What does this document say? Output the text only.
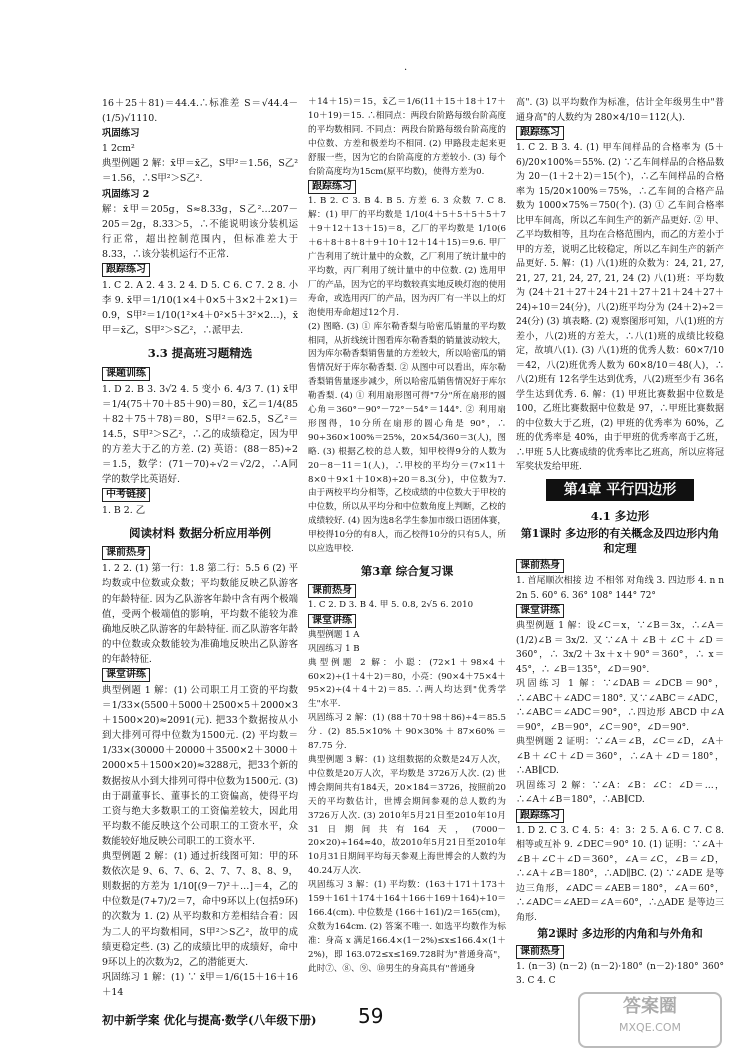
.

16＋25＋81)＝44.4.∴标准差 S＝√44.4－(1/5)√1110.

巩固练习

1 2cm²

典型例题 2 解：x̄甲＝x̄乙，S甲²＝1.56，S乙²＝1.56，∴S甲²＞S乙².

巩固练习 2

解：x̄甲＝205g，S≈8.33g，S乙²…207－205＝2g，8.33＞5，∴不能说明该分装机运行正常，超出控制范围内，但标准差大于8.33，∴该分装机运行不正常.

跟踪练习

1. C 2. A 2. 4 3. 2 4. D 5. C 6. C 7. 2 8. 小李 9. x̄甲＝1/10(1×4＋0×5＋3×2＋2×1)＝0.9，S甲²＝1/10(1²×4＋0²×5＋3²×2…)，x̄甲＝x̄乙，S甲²＞S乙²，∴派甲去.

3.3 提高班习题精选
课题训练

1. D 2. B 3. 3√2 4. 5 变小 6. 4/3 7. (1) x̄甲＝1/4(75＋70＋85＋90)＝80，x̄乙＝1/4(85＋82＋75＋78)＝80，S甲²＝62.5，S乙²＝14.5，S甲²＞S乙²，∴乙的成绩稳定，因为甲的方差大于乙的方差. (2) 英语：(88－85)÷2＝1.5，数学：(71－70)÷√2＝√2/2，∴A同学的数学比英语好.

中考链接

1. B 2. 乙

阅读材料 数据分析应用举例
课前热身

1. 2 2. (1) 第一行：1.8 第二行：5.5 6 (2) 平均数或中位数或众数；平均数能反映乙队游客的年龄特征. 因为乙队游客年龄中含有两个极端值，受两个极端值的影响，平均数不能较为准确地反映乙队游客的年龄特征. 而乙队游客年龄的中位数或众数能较为准确地反映出乙队游客的年龄特征.

课堂讲练

典型例题 1 解：(1) 公司职工月工资的平均数＝1/33×(5500＋5000＋2500×5＋2000×3＋1500×20)≈2091(元). 把33个数据按从小到大排列可得中位数为1500元. (2) 平均数＝1/33×(30000＋20000＋3500×2＋3000＋2000×5＋1500×20)≈3288元，把33个新的数据按从小到大排列可得中位数为1500元. (3) 由于副董事长、董事长的工资偏高，使得平均工资与绝大多数职工的工资偏差较大，因此用平均数不能反映这个公司职工的工资水平，众数能较好地反映公司职工的工资水平.

典型例题 2 解：(1) 通过折线图可知：甲的环数依次是 9、6、7、6、2、7、7、8、8、9，则数据的方差为 1/10[(9－7)²＋…]＝4，乙的中位数是(7+7)/2＝7，命中9环以上(包括9环)的次数为 1. (2) 从平均数和方差相结合看：因为二人的平均数相同，S甲²＞S乙²，故甲的成绩更稳定些. (3) 乙的成绩比甲的成绩好，命中9环以上的次数为2，乙的潜能更大.

巩固练习 1 解：(1) ∵ x̄甲＝1/6(15＋16＋16＋14

＋14＋15)＝15，x̄乙＝1/6(11＋15＋18＋17＋10＋19)＝15. ∴相同点：两段台阶路每级台阶高度的平均数相同. 不同点：两段台阶路每级台阶高度的中位数、方差和极差均不相同. (2) 甲路段走起来更舒服一些，因为它的台阶高度的方差较小. (3) 每个台阶高度均为15cm(原平均数)，使得方差为0.

跟踪练习

1. B 2. C 3. B 4. B 5. 方差 6. 3 众数 7. C 8. 解：(1) 甲厂的平均数是 1/10(4＋5＋5＋5＋5＋7＋9＋12＋13＋15)＝8，乙厂的平均数是 1/10(6＋6＋8＋8＋8＋9＋10＋12＋14＋15)＝9.6. 甲厂广告利用了统计量中的众数，乙厂利用了统计量中的平均数，丙厂利用了统计量中的中位数. (2) 选用甲厂的产品，因为它的平均数较真实地反映灯泡的使用寿命，或选用丙厂的产品，因为丙厂有一半以上的灯泡使用寿命超过12个月.

(2) 图略. (3) ① 库尔勒香梨与哈密瓜销量的平均数相同，从折线统计图看库尔勒香梨的销量波动较大，因为库尔勒香梨销售量的方差较大，所以哈密瓜的销售情况好于库尔勒香梨. ② 从图中可以看出，库尔勒香梨销售量逐步减少，所以哈密瓜销售情况好于库尔勒香梨. (4) ① 利用扇形图可得"7分"所在扇形的圆心角＝360°－90°－72°－54°＝144°. ② 利用扇形图得，10分所在扇形的圆心角是 90°，∴ 90÷360×100%＝25%，20×54/360＝3(人)，图略. (3) 根据乙校的总人数，知甲校得9分的人数为 20－8－11＝1(人)，∴甲校的平均分＝(7×11＋8×0＋9×1＋10×8)÷20＝8.3(分)，中位数为7. 由于两校平均分相等，乙校成绩的中位数大于甲校的中位数，所以从平均分和中位数角度上判断，乙校的成绩较好. (4) 因为选8名学生参加市级口语团体赛，甲校得10分的有8人，而乙校得10分的只有5人，所以应选甲校.

第3章 综合复习课
课前热身

1. C 2. D 3. B 4. 甲 5. 0.8, 2√5 6. 2010

课堂讲练

典型例题 1 A

巩固练习 1 B

典型例题 2 解：小聪：(72×1＋98×4＋60×2)÷(1＋4＋2)＝80，小亮：(90×4＋75×4＋95×2)÷(4＋4＋2)＝85. ∴两人均达到"优秀学生"水平.

巩固练习 2 解：(1) (88＋70＋98＋86)÷4＝85.5 分. (2) 85.5×10%＋90×30%＋87×60%＝87.75 分.

典型例题 3 解：(1) 这组数据的众数是24万人次，中位数是20万人次，平均数是 3726万人次. (2) 世博会期间共有184天，20×184＝3726，按照前20天的平均数估计，世博会期间参观的总人数约为3726万人次. (3) 2010年5月21日至2010年10月31日期间共有164天，(7000－20×20)÷164≈40，故2010年5月21日至2010年10月31日期间平均每天参观上海世博会的人数约为40.24万人次.

巩固练习 3 解：(1) 平均数：(163＋171＋173＋159＋161＋174＋164＋166＋169＋164)÷10＝166.4(cm). 中位数是 (166＋161)/2＝165(cm)，众数为164cm. (2) 答案不唯一. 如选平均数作为标准：身高 x 满足166.4×(1－2%)≤x≤166.4×(1＋2%)，即 163.072≤x≤169.728时为"普通身高"，此时⑦、⑧、⑨、⑩男生的身高具有"普通身

高". (3) 以平均数作为标准，估计全年级男生中"普通身高"的人数约为 280×4/10＝112(人).

跟踪练习

1. C 2. B 3. 4. (1) 甲车间样品的合格率为 (5＋6)/20×100%＝55%. (2) ∵乙车间样品的合格品数为 20－(1＋2＋2)＝15(个)，∴乙车间样品的合格率为 15/20×100%＝75%，∴乙车间的合格产品数为 1000×75%＝750(个). (3) ① 乙车间合格率比甲车间高，所以乙车间生产的新产品更好. ② 甲、乙平均数相等，且均在合格范围内，而乙的方差小于甲的方差，说明乙比较稳定，所以乙车间生产的新产品更好. 5. 解：(1) 八(1)班的众数为：24, 21, 27, 21, 27, 21, 24, 27, 21, 24 (2) 八(1)班：平均数为 (24＋21＋27＋24＋21＋27＋21＋24＋27＋24)÷10＝24(分)，八(2)班平均分为 (24＋2)÷2＝24(分) (3) 填表略. (2) 观察图形可知，八(1)班的方差小，八(2)班的方差大，∴八(1)班的成绩比较稳定，故填八(1). (3) 八(1)班的优秀人数：60×7/10＝42，八(2)班优秀人数为 60×8/10＝48(人)，∴八(2)班有 12名学生达到优秀，八(2)班至少有 36名学生达到优秀. 6. 解：(1) 甲班比赛数据中位数是 100，乙班比赛数据中位数是 97，∴甲班比赛数据的中位数大于乙班，(2) 甲班的优秀率为 60%，乙班的优秀率是 40%，由于甲班的优秀率高于乙班，∴甲班 5人比赛成绩的优秀率比乙班高，所以应将冠军奖状发给甲班.

第4章 平行四边形
4.1 多边形
第1课时 多边形的有关概念及四边形内角和定理
课前热身

1. 首尾顺次相接 边 不相邻 对角线 3. 四边形 4. n n 2n 5. 60° 6. 36° 108° 144° 72°

课堂讲练

典型例题 1 解：设∠C＝x，∵∠B＝3x，∴∠A＝(1/2)∠B＝3x/2. 又∵∠A＋∠B＋∠C＋∠D＝360°，∴ 3x/2＋3x＋x＋90°＝360°，∴ x＝45°，∴ ∠B＝135°，∠D＝90°.

巩固练习 1 解：∵∠DAB＝∠DCB＝90°，∴∠ABC＋∠ADC＝180°. 又∵∠ABC＝∠ADC，∴∠ABC＝∠ADC＝90°，∴四边形 ABCD 中∠A＝90°，∠B＝90°，∠C＝90°，∠D＝90°.

典型例题 2 证明：∵∠A＝∠B，∠C＝∠D，∠A＋∠B＋∠C＋∠D＝360°，∴∠A＋∠D＝180°，∴AB∥CD.

巩固练习 2 解：∵∠A：∠B：∠C：∠D＝…，∴∠A＋∠B＝180°，∴AB∥CD.

跟踪练习

1. D 2. C 3. C 4. 5：4：3：2 5. A 6. C 7. C 8. 相等或互补 9. ∠DEC＝90° 10. (1) 证明：∵∠A＋∠B＋∠C＋∠D＝360°，∠A＝∠C，∠B＝∠D，∴∠A＋∠B＝180°，∴AD∥BC. (2) ∵∠ADE 是等边三角形，∠ADC＝∠AEB＝180°，∠A＝60°，∴∠ADC＝∠AED＝∠A＝60°，∴△ADE 是等边三角形.

第2课时 多边形的内角和与外角和
课前热身

1. (n－3) (n－2) (n－2)·180° (n－2)·180° 360° 3. C 4. C

初中新学案 优化与提高·数学(八年级下册) 59	答案圈
MXQE.COM
